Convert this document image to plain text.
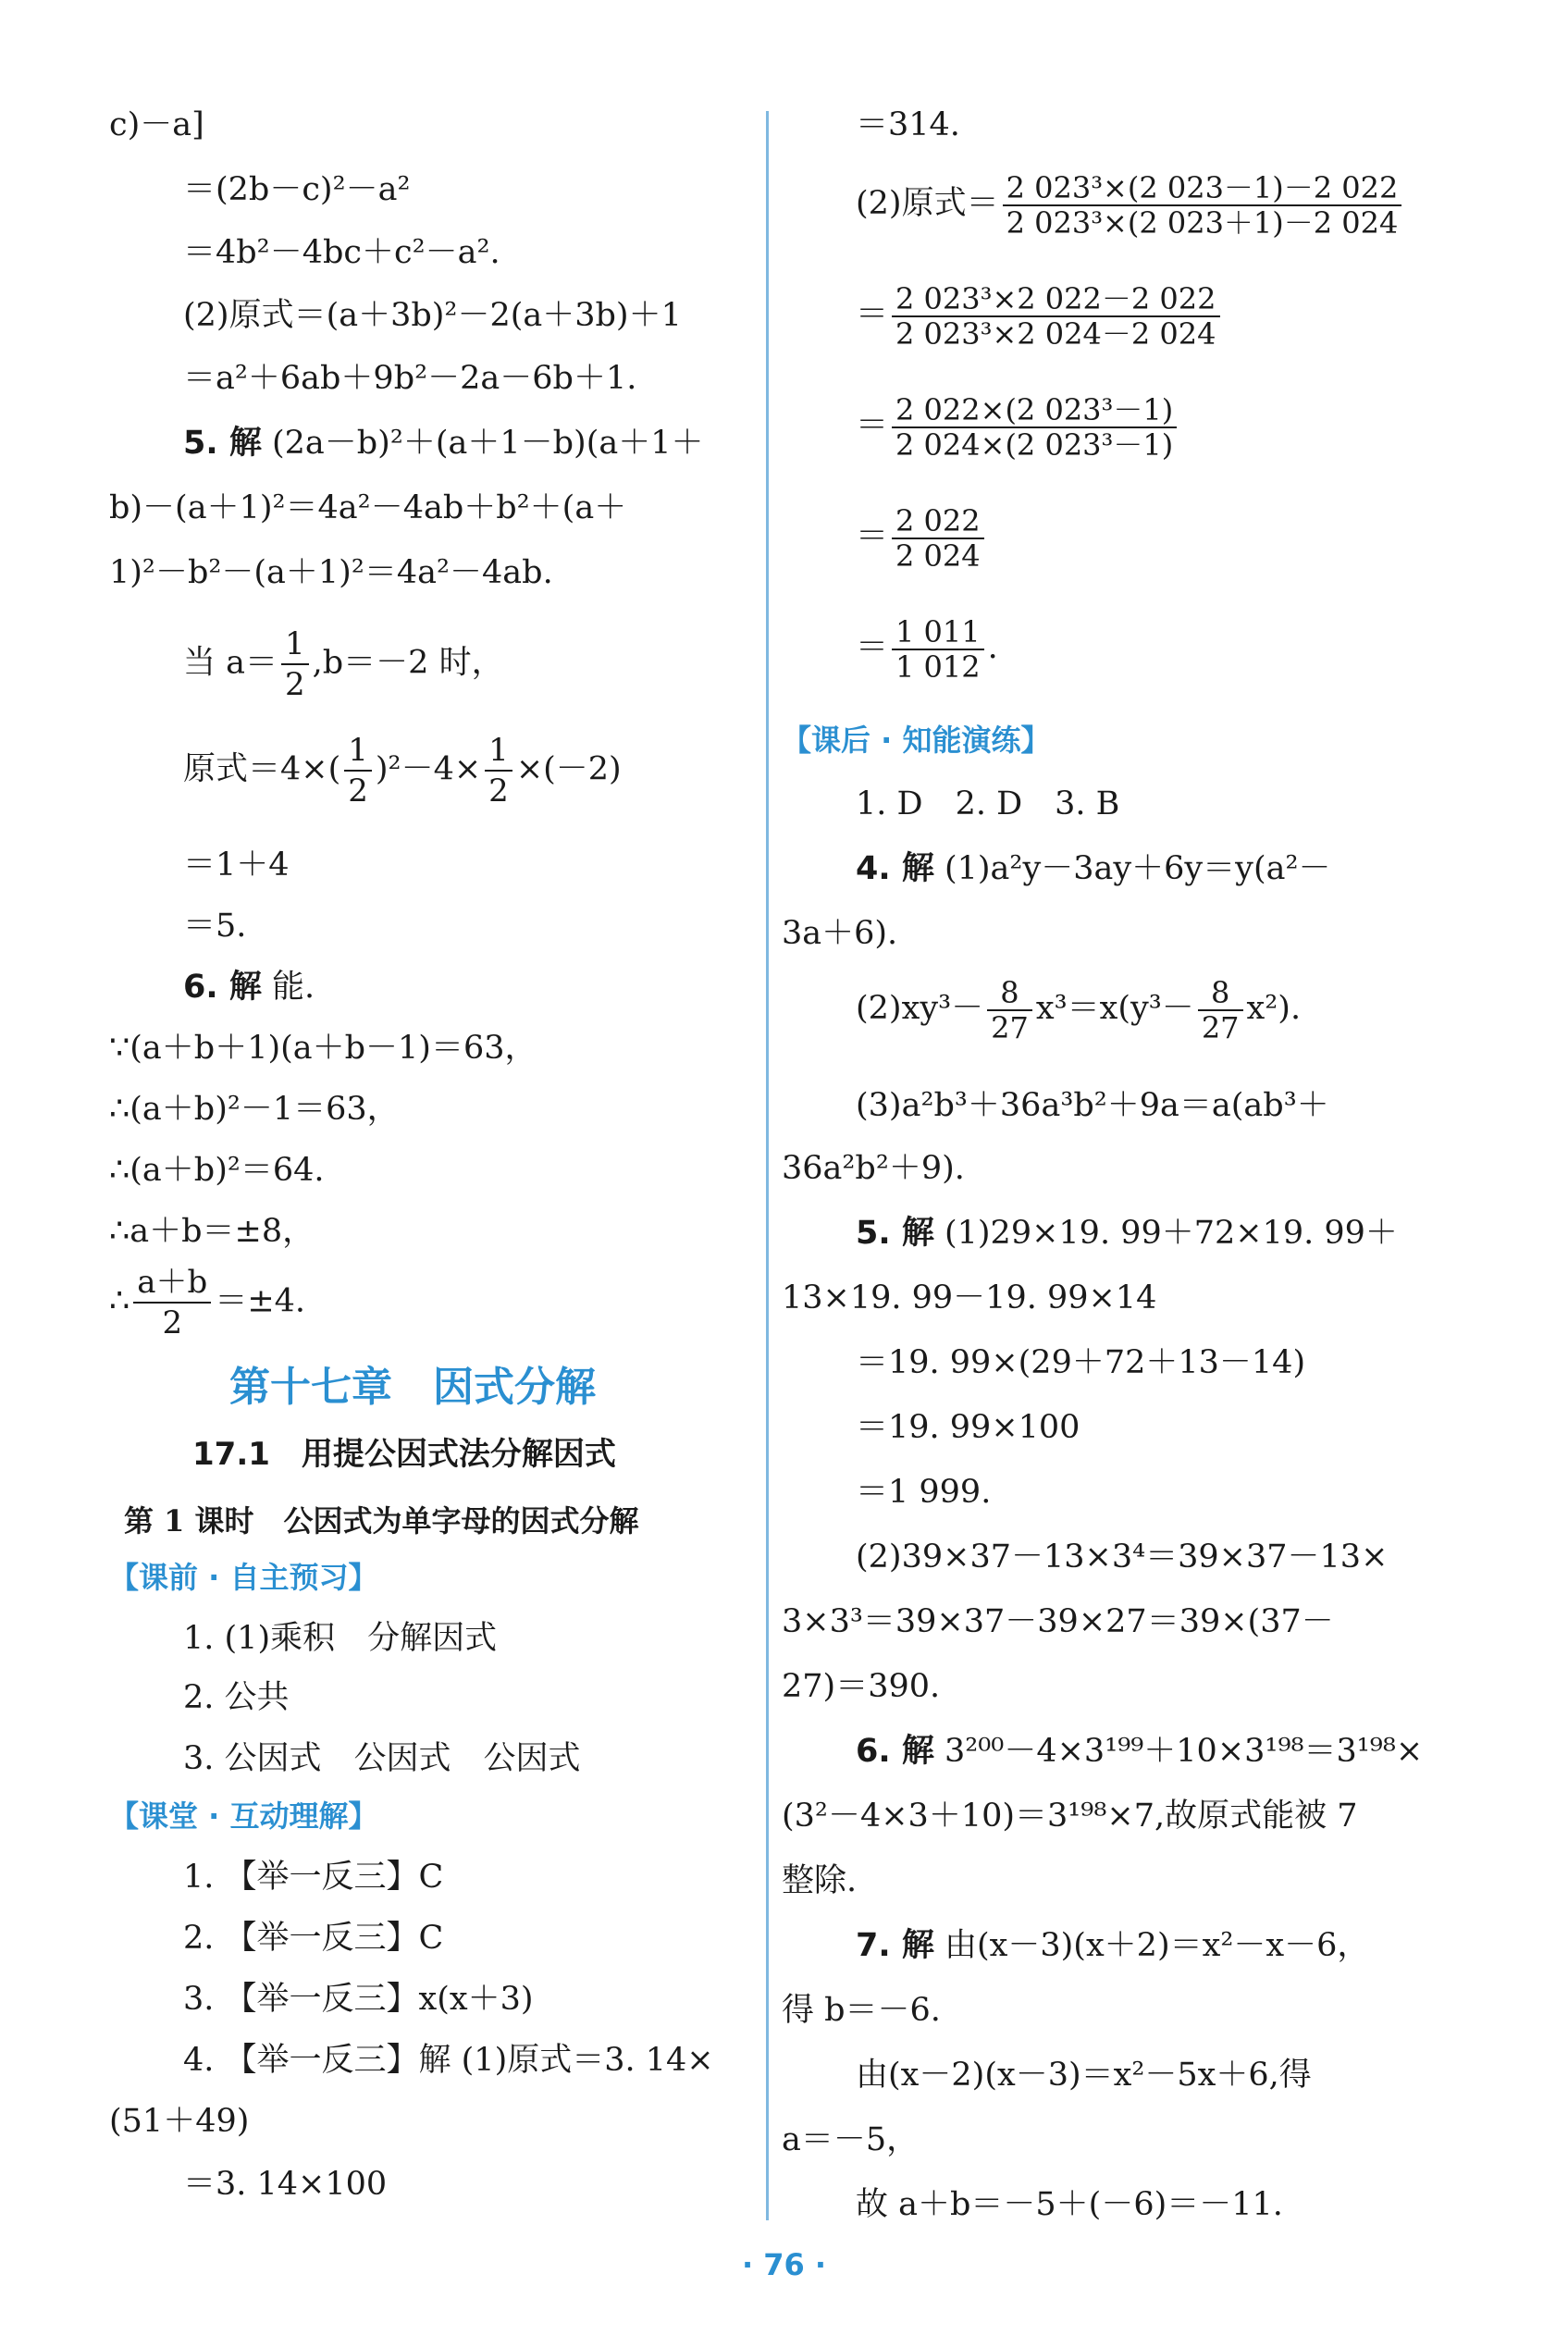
c)－a]
＝(2b－c)²－a²
＝4b²－4bc＋c²－a².
(2)原式＝(a＋3b)²－2(a＋3b)＋1
＝a²＋6ab＋9b²－2a－6b＋1.
5. 解 (2a－b)²＋(a＋1－b)(a＋1＋
b)－(a＋1)²＝4a²－4ab＋b²＋(a＋
1)²－b²－(a＋1)²＝4a²－4ab.
当 $a= \frac{1}{2} ,b=-2$ 时，
原式$=4\times( \frac{1}{2} )^2-4\times \frac{1}{2} \times(-2)$
＝1＋4
＝5.
6. 解 能.
∵(a＋b＋1)(a＋b－1)＝63，
∴(a＋b)²－1＝63，
∴(a＋b)²＝64.
∴a＋b＝±8，
∴ $\frac{a+b}{2} =\pm 4$.
第十七章　因式分解
17.1　用提公因式法分解因式
第 1 课时　公因式为单字母的因式分解
【课前 · 自主预习】
1. (1)乘积　分解因式
2. 公共
3. 公因式　公因式　公因式
【课堂 · 互动理解】
1. 【举一反三】C
2. 【举一反三】C
3. 【举一反三】x(x＋3)
4. 【举一反三】解 (1)原式＝3. 14×
(51＋49)
＝3. 14×100
＝314.
(2)原式＝ $\frac{\text{2 023³×(2 023－1)－2 022}}{\text{2 023³×(2 023＋1)－2 024}}$
＝ $\frac{\text{2 023³×2 022－2 022}}{\text{2 023³×2 024－2 024}}$
＝ $\frac{\text{2 022×(2 023³－1)}}{\text{2 024×(2 023³－1)}}$
＝ $\frac{2 022}{2 024}$
＝ $\frac{1 011}{1 012}$ .
【课后 · 知能演练】
1. D　2. D　3. B
4. 解 (1)a²y－3ay＋6y＝y(a²－
3a＋6).
$(2)xy^3- \frac{8}{27} x^3=x(y^3- \frac{8}{27} x^2)$.
(3)a²b³＋36a³b²＋9a＝a(ab³＋
36a²b²＋9).
5. 解 (1)29×19. 99＋72×19. 99＋
13×19. 99－19. 99×14
＝19. 99×(29＋72＋13－14)
＝19. 99×100
＝1 999.
(2)39×37－13×3⁴＝39×37－13×
3×3³＝39×37－39×27＝39×(37－
27)＝390.
6. 解 3²⁰⁰－4×3¹⁹⁹＋10×3¹⁹⁸＝3¹⁹⁸×
(3²－4×3＋10)＝3¹⁹⁸×7,故原式能被 7
整除.
7. 解 由(x－3)(x＋2)＝x²－x－6，
得 b＝－6.
由(x－2)(x－3)＝x²－5x＋6,得
a＝－5，
故 a＋b＝－5＋(－6)＝－11.
· 76 ·
